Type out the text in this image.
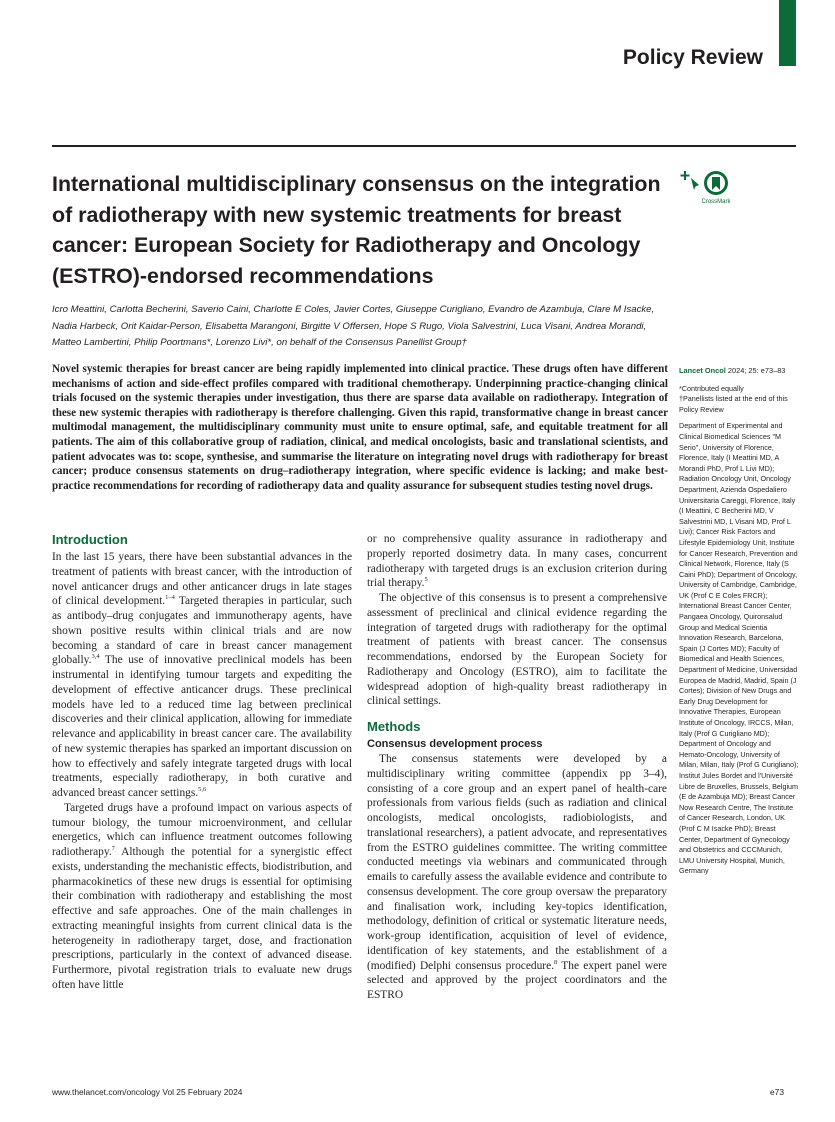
Policy Review
International multidisciplinary consensus on the integration of radiotherapy with new systemic treatments for breast cancer: European Society for Radiotherapy and Oncology (ESTRO)-endorsed recommendations
CrossMark
Icro Meattini, Carlotta Becherini, Saverio Caini, Charlotte E Coles, Javier Cortes, Giuseppe Curigliano, Evandro de Azambuja, Clare M Isacke, Nadia Harbeck, Orit Kaidar-Person, Elisabetta Marangoni, Birgitte V Offersen, Hope S Rugo, Viola Salvestrini, Luca Visani, Andrea Morandi, Matteo Lambertini, Philip Poortmans*, Lorenzo Livi*, on behalf of the Consensus Panellist Group†
Novel systemic therapies for breast cancer are being rapidly implemented into clinical practice. These drugs often have different mechanisms of action and side-effect profiles compared with traditional chemotherapy. Underpinning practice-changing clinical trials focused on the systemic therapies under investigation, thus there are sparse data available on radiotherapy. Integration of these new systemic therapies with radiotherapy is therefore challenging. Given this rapid, transformative change in breast cancer multimodal management, the multidisciplinary community must unite to ensure optimal, safe, and equitable treatment for all patients. The aim of this collaborative group of radiation, clinical, and medical oncologists, basic and translational scientists, and patient advocates was to: scope, synthesise, and summarise the literature on integrating novel drugs with radiotherapy for breast cancer; produce consensus statements on drug–radiotherapy integration, where specific evidence is lacking; and make best-practice recommendations for recording of radiotherapy data and quality assurance for subsequent studies testing novel drugs.
Introduction

In the last 15 years, there have been substantial advances in the treatment of patients with breast cancer, with the introduction of novel anticancer drugs and other anticancer drugs in late stages of clinical development.$^{1-4}$ Targeted therapies in particular, such as antibody–drug conjugates and immunotherapy agents, have shown positive results within clinical trials and are now becoming a standard of care in breast cancer management globally.$^{3,4}$ The use of innovative preclinical models has been instrumental in identifying tumour targets and expediting the development of effective anticancer drugs. These preclinical models have led to a reduced time lag between preclinical discoveries and their clinical application, allowing for immediate relevance and applicability in breast cancer care. The availability of new systemic therapies has sparked an important discussion on how to effectively and safely integrate targeted drugs with local treatments, especially radiotherapy, in both curative and advanced breast cancer settings.$^{5,6}$

Targeted drugs have a profound impact on various aspects of tumour biology, the tumour microenvironment, and cellular energetics, which can influence treatment outcomes following radiotherapy.$^7$ Although the potential for a synergistic effect exists, understanding the mechanistic effects, biodistribution, and pharmacokinetics of these new drugs is essential for optimising their combination with radiotherapy and establishing the most effective and safe approaches. One of the main challenges in extracting meaningful insights from current clinical data is the heterogeneity in radiotherapy target, dose, and fractionation prescriptions, particularly in the context of advanced disease. Furthermore, pivotal registration trials to evaluate new drugs often have little

or no comprehensive quality assurance in radiotherapy and properly reported dosimetry data. In many cases, concurrent radiotherapy with targeted drugs is an exclusion criterion during trial therapy.$^5$

The objective of this consensus is to present a comprehensive assessment of preclinical and clinical evidence regarding the integration of targeted drugs with radiotherapy for the optimal treatment of patients with breast cancer. The consensus recommendations, endorsed by the European Society for Radiotherapy and Oncology (ESTRO), aim to facilitate the widespread adoption of high-quality breast radiotherapy in clinical settings.

Methods
Consensus development process

The consensus statements were developed by a multidisciplinary writing committee (appendix pp 3–4), consisting of a core group and an expert panel of health-care professionals from various fields (such as radiation and clinical oncologists, medical oncologists, radiobiologists, and translational researchers), a patient advocate, and representatives from the ESTRO guidelines committee. The writing committee conducted meetings via webinars and communicated through emails to carefully assess the available evidence and contribute to consensus development. The core group oversaw the preparatory and finalisation work, including key-topics identification, methodology, definition of critical or systematic literature needs, work-group identification, acquisition of level of evidence, identification of key statements, and the establishment of a (modified) Delphi consensus procedure.$^8$ The expert panel were selected and approved by the project coordinators and the ESTRO

Lancet Oncol 2024; 25: e73–83
*Contributed equally
†Panellists listed at the end of this Policy Review
Department of Experimental and Clinical Biomedical Sciences "M Serio", University of Florence, Florence, Italy (I Meattini MD, A Morandi PhD, Prof L Livi MD); Radiation Oncology Unit, Oncology Department, Azienda Ospedaliero Universitaria Careggi, Florence, Italy (I Meattini, C Becherini MD, V Salvestrini MD, L Visani MD, Prof L Livi); Cancer Risk Factors and Lifestyle Epidemiology Unit, Institute for Cancer Research, Prevention and Clinical Network, Florence, Italy (S Caini PhD); Department of Oncology, University of Cambridge, Cambridge, UK (Prof C E Coles FRCR); International Breast Cancer Center, Pangaea Oncology, Quironsalud Group and Medical Scientia Innovation Research, Barcelona, Spain (J Cortes MD); Faculty of Biomedical and Health Sciences, Department of Medicine, Universidad Europea de Madrid, Madrid, Spain (J Cortes); Division of New Drugs and Early Drug Development for Innovative Therapies, European Institute of Oncology, IRCCS, Milan, Italy (Prof G Curigliano MD); Department of Oncology and Hemato-Oncology, University of Milan, Milan, Italy (Prof G Curigliano); Institut Jules Bordet and l'Université Libre de Bruxelles, Brussels, Belgium (E de Azambuja MD); Breast Cancer Now Research Centre, The Institute of Cancer Research, London, UK (Prof C M Isacke PhD); Breast Center, Department of Gynecology and Obstetrics and CCCMunich, LMU University Hospital, Munich, Germany
www.thelancet.com/oncology Vol 25 February 2024	e73
